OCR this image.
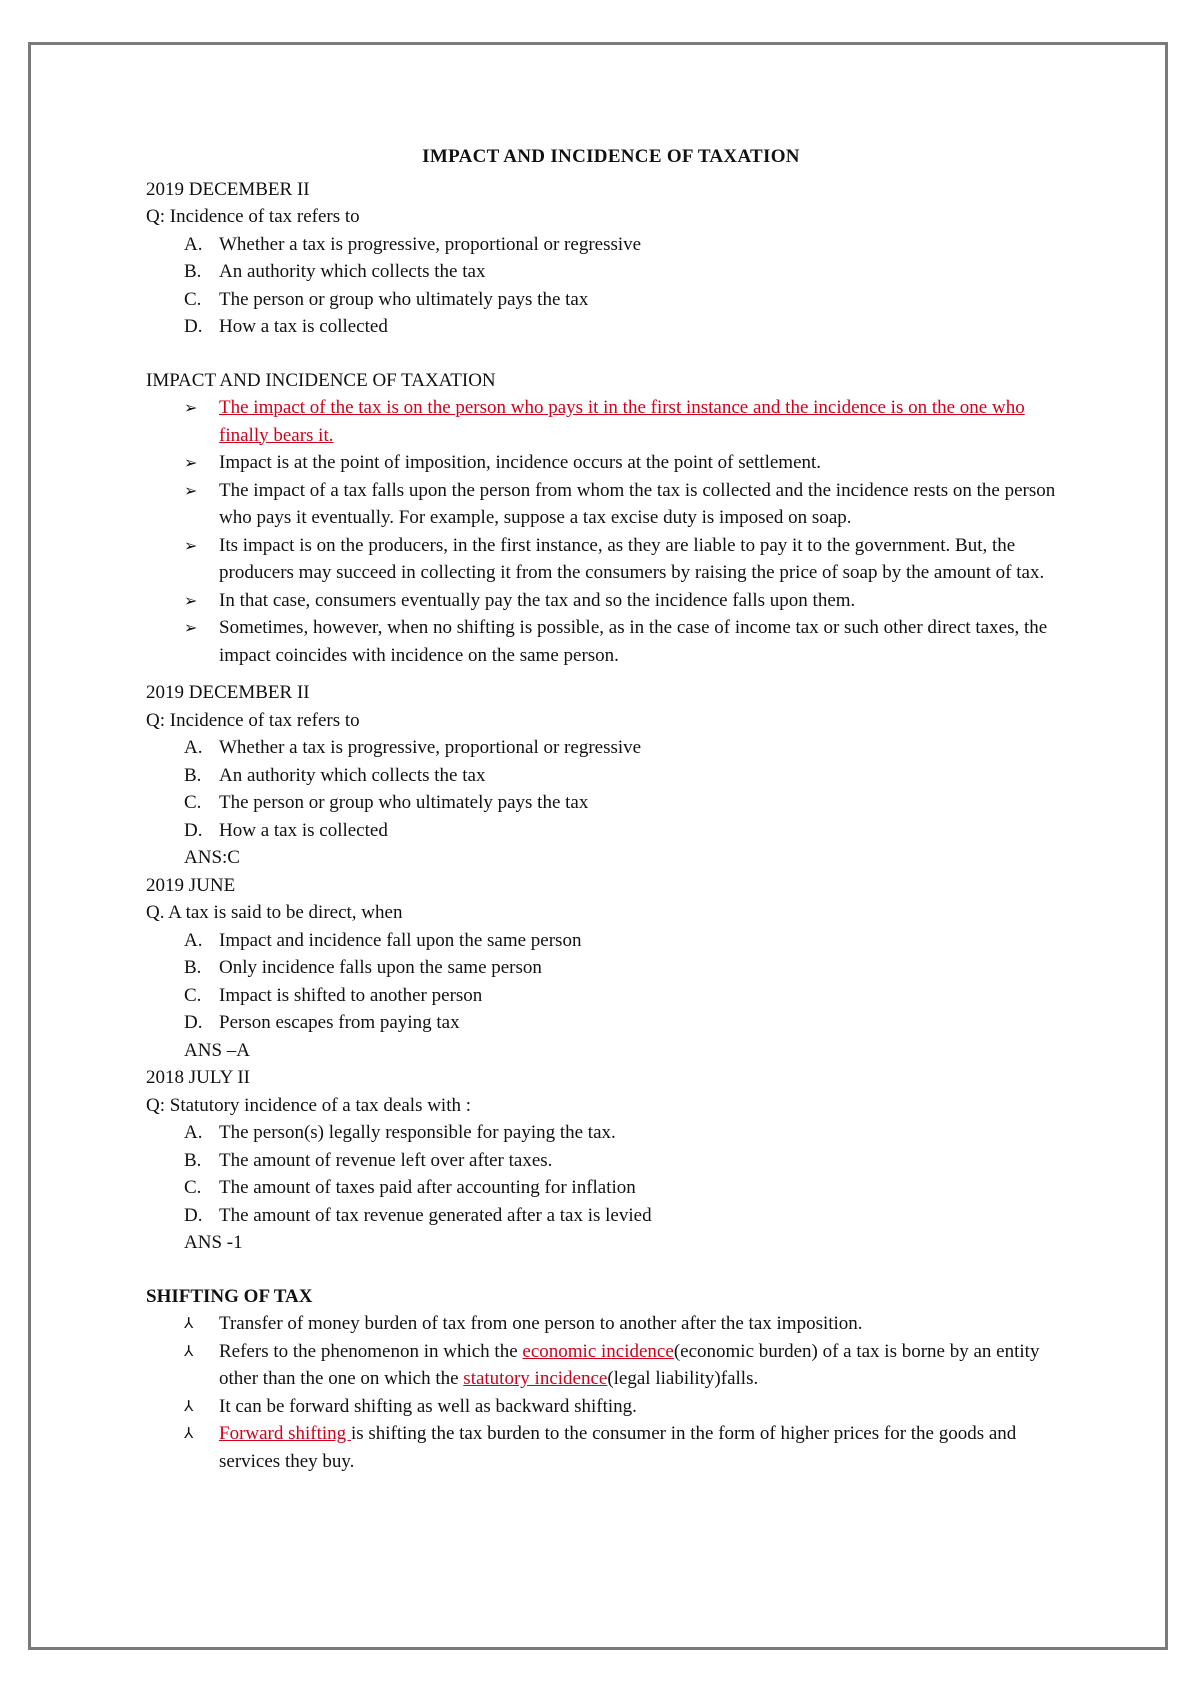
IMPACT AND INCIDENCE OF TAXATION
2019 DECEMBER II
Q: Incidence of tax refers to
A. Whether a tax is progressive, proportional or regressive
B. An authority which collects the tax
C. The person or group who ultimately pays the tax
D. How a tax is collected
IMPACT AND INCIDENCE OF TAXATION
➢	The impact of the tax is on the person who pays it in the first instance and the incidence is on the one who finally bears it.
➢	Impact is at the point of imposition, incidence occurs at the point of settlement.
➢	The impact of a tax falls upon the person from whom the tax is collected and the incidence rests on the person who pays it eventually. For example, suppose a tax excise duty is imposed on soap.
➢	Its impact is on the producers, in the first instance, as they are liable to pay it to the government. But, the producers may succeed in collecting it from the consumers by raising the price of soap by the amount of tax.
➢	In that case, consumers eventually pay the tax and so the incidence falls upon them.
➢	Sometimes, however, when no shifting is possible, as in the case of income tax or such other direct taxes, the impact coincides with incidence on the same person.
2019 DECEMBER II
Q: Incidence of tax refers to
A. Whether a tax is progressive, proportional or regressive
B. An authority which collects the tax
C. The person or group who ultimately pays the tax
D. How a tax is collected
ANS:C
2019 JUNE
Q. A tax is said to be direct, when
A. Impact and incidence fall upon the same person
B. Only incidence falls upon the same person
C. Impact is shifted to another person
D. Person escapes from paying tax
ANS –A
2018 JULY II
Q: Statutory incidence of a tax deals with :
A. The person(s) legally responsible for paying the tax.
B. The amount of revenue left over after taxes.
C. The amount of taxes paid after accounting for inflation
D. The amount of tax revenue generated after a tax is levied
ANS -1
SHIFTING OF TAX
⅄	Transfer of money burden of tax from one person to another after the tax imposition.
⅄	Refers to the phenomenon in which the economic incidence(economic burden) of a tax is borne by an entity other than the one on which the statutory incidence(legal liability)falls.
⅄	It can be forward shifting as well as backward shifting.
⅄	Forward shifting is shifting the tax burden to the consumer in the form of higher prices for the goods and services they buy.
